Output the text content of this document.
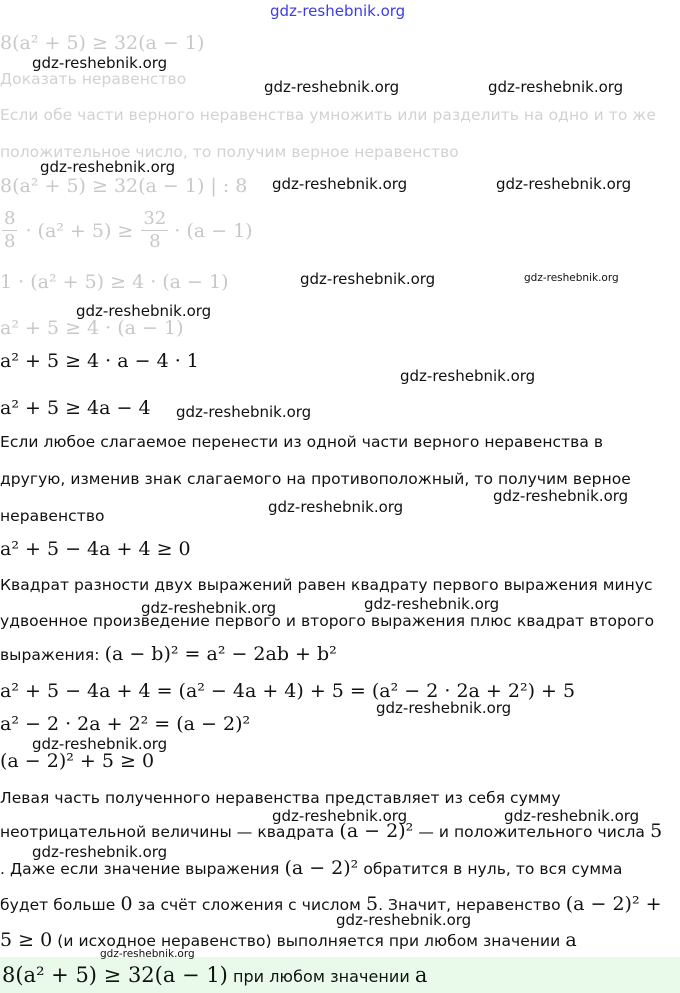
gdz-reshebnik.org
gdz-reshebnik.org
gdz-reshebnik.org	gdz-reshebnik.org
gdz-reshebnik.org
gdz-reshebnik.org	gdz-reshebnik.org
gdz-reshebnik.org	gdz-reshebnik.org
gdz-reshebnik.org
gdz-reshebnik.org
gdz-reshebnik.org
gdz-reshebnik.org
gdz-reshebnik.org
gdz-reshebnik.org	gdz-reshebnik.org
gdz-reshebnik.org
gdz-reshebnik.org
gdz-reshebnik.org	gdz-reshebnik.org
gdz-reshebnik.org
gdz-reshebnik.org
gdz-reshebnik.org
8(a² + 5) ≥ 32(a − 1)
Доказать неравенство
Если обе части верного неравенства умножить или разделить на одно и то же
положительное число, то получим верное неравенство
8(a² + 5) ≥ 32(a − 1) | : 8
$\frac{8}{8} \cdot (a^2 + 5) \ge \frac{32}{8} \cdot (a - 1)$
1 · (a² + 5) ≥ 4 · (a − 1)
a² + 5 ≥ 4 · (a − 1)
a² + 5 ≥ 4 · a − 4 · 1
a² + 5 ≥ 4a − 4
Если любое слагаемое перенести из одной части верного неравенства в
другую, изменив знак слагаемого на противоположный, то получим верное
неравенство
a² + 5 − 4a + 4 ≥ 0
Квадрат разности двух выражений равен квадрату первого выражения минус
удвоенное произведение первого и второго выражения плюс квадрат второго
выражения: (a − b)² = a² − 2ab + b²
a² + 5 − 4a + 4 = (a² − 4a + 4) + 5 = (a² − 2 · 2a + 2²) + 5
a² − 2 · 2a + 2² = (a − 2)²
(a − 2)² + 5 ≥ 0
Левая часть полученного неравенства представляет из себя сумму
неотрицательной величины — квадрата (a − 2)² — и положительного числа 5
. Даже если значение выражения (a − 2)² обратится в нуль, то вся сумма
будет больше 0 за счёт сложения с числом 5. Значит, неравенство (a − 2)² +
5 ≥ 0 (и исходное неравенство) выполняется при любом значении a
8(a² + 5) ≥ 32(a − 1) при любом значении a
